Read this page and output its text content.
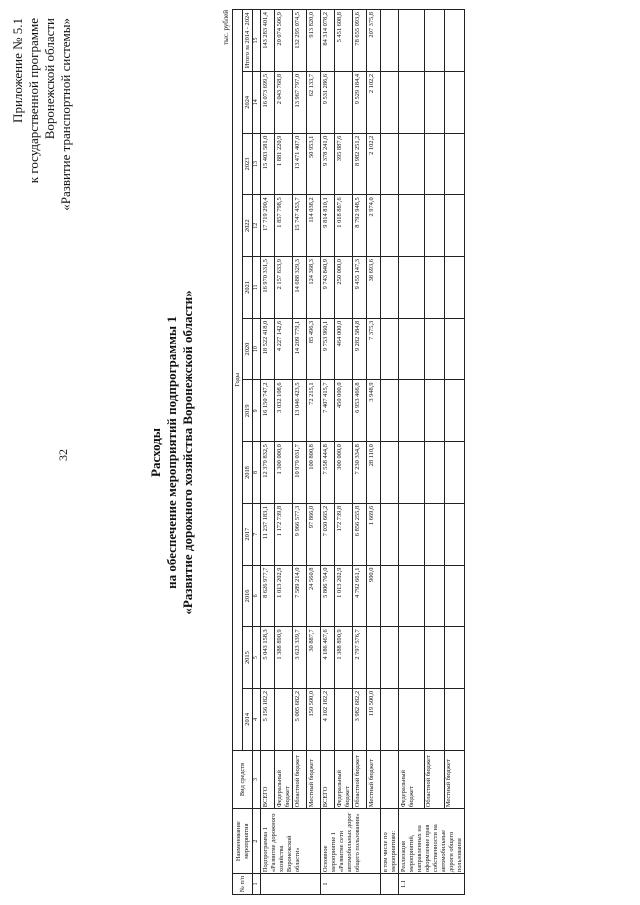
32
Приложение № 5.1 к государственной программе Воронежской области «Развитие транспортной системы»
Расходы на обеспечение мероприятий подпрограммы 1 «Развитие дорожного хозяйства Воронежской области»
тыс. рублей
№ п/п	Наименование мероприятия	Вид средств	Годы											
			2014	2015	2016	2017	2018	2019	2020	2021	2022	2023	2024	Итого за 2014 - 2024
1	2	3	4	5	6	7	8	9	10	11	12	13	14	15
	Подпрограмма 1 «Развитие дорожного хозяйства Воронежской области»	ВСЕГО	5 156 182,2	5 043 158,3	8 626 977,7	11 237 183,1	12 379 832,5	16 150 747,2	18 522 418,0	16 970 331,5	17 719 290,4	15 403 581,0	16 073 699,5	143 283 401,4
		Федеральный бюджет		1 388 890,9	1 013 202,9	1 172 739,8	1 300 000,0	3 032 108,6	4 227 142,6	2 157 633,9	1 857 798,5	1 881 220,9	2 043 768,8	20 074 506,9
		Областной бюджет	5 005 682,2	3 623 339,7	7 589 214,0	9 966 577,3	10 979 031,7	13 046 423,5	14 209 779,1	14 688 329,3	15 747 453,7	13 471 407,0	13 967 797,0	132 295 074,5
		Местный бюджет	150 500,0	30 887,7	24 560,8	97 866,0	100 800,8	72 215,1	85 496,3	124 368,3	114 038,2	50 953,1	62 133,7	913 820,0
1	Основное мероприятие 1 «Развитие сети автомобильных дорог общего пользования»	ВСЕГО	4 102 182,2	4 186 467,6	5 806 764,0	7 030 665,2	7 558 444,8	7 407 415,7	9 753 960,1	9 743 840,9	9 814 810,1	9 378 241,0	9 531 286,6	84 314 078,2
		Федеральный бюджет		1 388 890,9	1 013 202,9	172 739,8	300 000,0	450 000,0	464 000,0	250 000,0	1 018 887,6	395 887,6		5 451 608,8
		Областной бюджет	3 982 682,2	2 797 576,7	4 792 661,1	6 856 255,8	7 230 334,8	6 953 466,8	9 282 584,8	9 455 147,3	8 792 948,5	8 982 251,2	9 529 184,4	78 655 093,6
		Местный бюджет	119 500,0		900,0	1 669,6	28 110,0	3 948,9	7 375,3	38 693,6	2 974,0	2 102,2	2 102,2	207 375,8
	в том числе по мероприятиям:													
1.1	Реализация мероприятий, направленных на оформление прав собственности на автомобильные дороги общего пользования	Федеральный бюджет												
		Областной бюджет												
		Местный бюджет												
